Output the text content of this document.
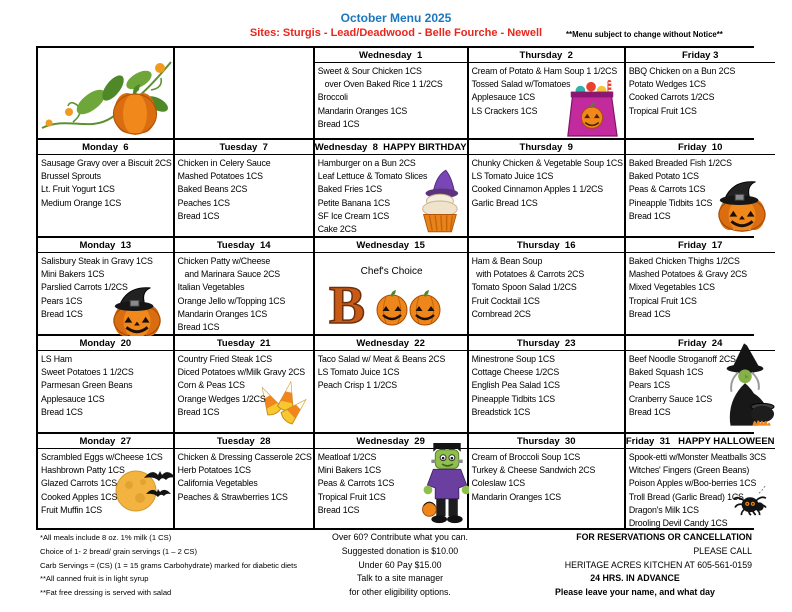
October Menu 2025
Sites: Sturgis - Lead/Deadwood - Belle Fourche - Newell	**Menu subject to change without Notice**
Wednesday  1
Sweet & Sour Chicken 1CS
over Oven Baked Rice 1 1/2CS
Broccoli
Mandarin Oranges 1CS
Bread 1CS
Thursday  2
Cream of Potato & Ham Soup 1 1/2CS
Tossed Salad w/Tomatoes
Applesauce 1CS
LS Crackers 1CS
Friday 3
BBQ Chicken on a Bun 2CS
Potato Wedges 1CS
Cooked Carrots 1/2CS
Tropical Fruit 1CS
Monday  6
Sausage Gravy over a Biscuit 2CS
Brussel Sprouts
Lt. Fruit Yogurt 1CS
Medium Orange 1CS
Tuesday  7
Chicken in Celery Sauce
Mashed Potatoes 1CS
Baked Beans 2CS
Peaches 1CS
Bread 1CS
Wednesday  8  HAPPY BIRTHDAY
Hamburger on a Bun 2CS
Leaf Lettuce & Tomato Slices
Baked Fries 1CS
Petite Banana 1CS
SF Ice Cream 1CS
Cake 2CS
Thursday  9
Chunky Chicken & Vegetable Soup 1CS
LS Tomato Juice 1CS
Cooked Cinnamon Apples 1 1/2CS
Garlic Bread 1CS
Friday  10
Baked Breaded Fish 1/2CS
Baked Potato 1CS
Peas & Carrots 1CS
Pineapple Tidbits 1CS
Bread 1CS
Monday  13
Salisbury Steak in Gravy 1CS
Mini Bakers 1CS
Parslied Carrots 1/2CS
Pears 1CS
Bread 1CS
Tuesday  14
Chicken Patty w/Cheese
and Marinara Sauce 2CS
Italian Vegetables
Orange Jello w/Topping 1CS
Mandarin Oranges 1CS
Bread 1CS
Wednesday  15
Chef's Choice
B
Thursday  16
Ham & Bean Soup
with Potatoes & Carrots 2CS
Tomato Spoon Salad 1/2CS
Fruit Cocktail 1CS
Cornbread 2CS
Friday  17
Baked Chicken Thighs 1/2CS
Mashed Potatoes & Gravy 2CS
Mixed Vegetables 1CS
Tropical Fruit 1CS
Bread 1CS
Monday  20
LS Ham
Sweet Potatoes 1 1/2CS
Parmesan Green Beans
Applesauce 1CS
Bread 1CS
Tuesday  21
Country Fried Steak 1CS
Diced Potatoes w/Milk Gravy 2CS
Corn & Peas 1CS
Orange Wedges 1/2CS
Bread 1CS
Wednesday  22
Taco Salad w/ Meat & Beans 2CS
LS Tomato Juice 1CS
Peach Crisp 1 1/2CS
Thursday  23
Minestrone Soup 1CS
Cottage Cheese 1/2CS
English Pea Salad 1CS
Pineapple Tidbits 1CS
Breadstick 1CS
Friday  24
Beef Noodle Stroganoff 2CS
Baked Squash 1CS
Pears 1CS
Cranberry Sauce 1CS
Bread 1CS
Monday  27
Scrambled Eggs w/Cheese 1CS
Hashbrown Patty 1CS
Glazed Carrots 1CS
Cooked Apples 1CS
Fruit Muffin 1CS
Tuesday  28
Chicken & Dressing Casserole 2CS
Herb Potatoes 1CS
California Vegetables
Peaches & Strawberries 1CS
Wednesday  29
Meatloaf 1/2CS
Mini Bakers 1CS
Peas & Carrots 1CS
Tropical Fruit 1CS
Bread 1CS
Thursday  30
Cream of Broccoli Soup 1CS
Turkey & Cheese Sandwich 2CS
Coleslaw 1CS
Mandarin Oranges 1CS
Friday  31   HAPPY HALLOWEEN
Spook-etti w/Monster Meatballs 3CS
Witches' Fingers (Green Beans)
Poison Apples w/Boo-berries 1CS
Troll Bread (Garlic Bread) 1CS
Dragon's Milk 1CS
Drooling Devil Candy 1CS
*All meals include 8 oz. 1% milk (1 CS)
Choice of 1- 2 bread/ grain servings (1 – 2 CS)
Carb Servings = (CS) (1 = 15 grams Carbohydrate) marked for diabetic diets
**All canned fruit is in light syrup
**Fat free dressing is served with salad
Over 60? Contribute what you can.
Suggested donation is $10.00
Under 60 Pay $15.00
Talk to a site manager
for other eligibility options.
FOR RESERVATIONS OR CANCELLATION
PLEASE CALL
HERITAGE ACRES KITCHEN AT 605-561-0159
24 HRS. IN ADVANCE
Please leave your name, and what day
